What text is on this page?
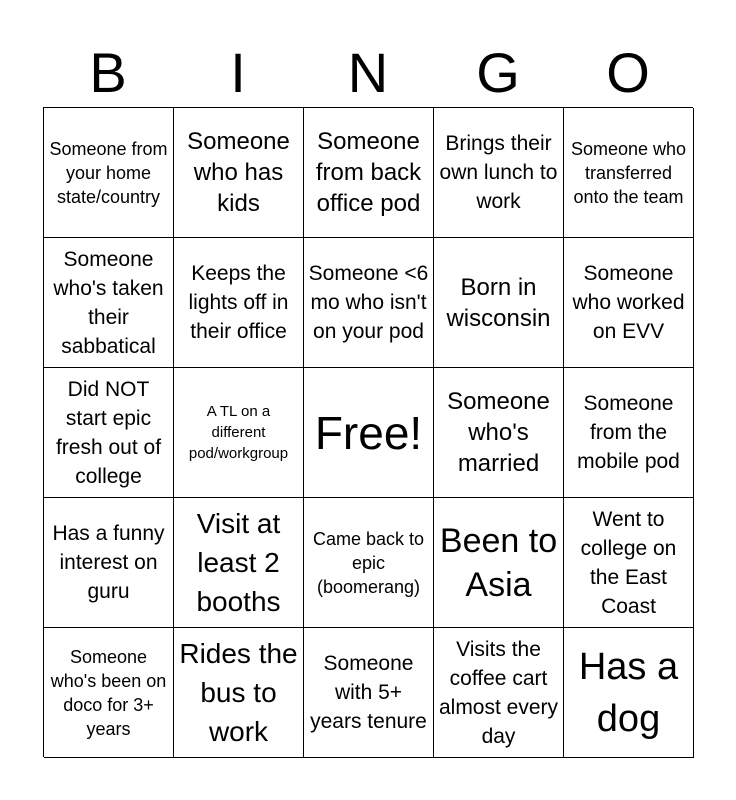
B	I	N	G	O
Someone from your home state/country
Someone who has kids
Someone from back office pod
Brings their own lunch to work
Someone who transferred onto the team
Someone who's taken their sabbatical
Keeps the lights off in their office
Someone <6 mo who isn't on your pod
Born in wisconsin
Someone who worked on EVV
Did NOT start epic fresh out of college
A TL on a different pod/workgroup Free!
Someone who's married
Someone from the mobile pod
Has a funny interest on guru
Visit at least 2 booths
Came back to epic (boomerang)
Been to Asia
Went to college on the East Coast
Someone who's been on doco for 3+ years
Rides the bus to work
Someone with 5+ years tenure
Visits the coffee cart almost every day
Has a dog
